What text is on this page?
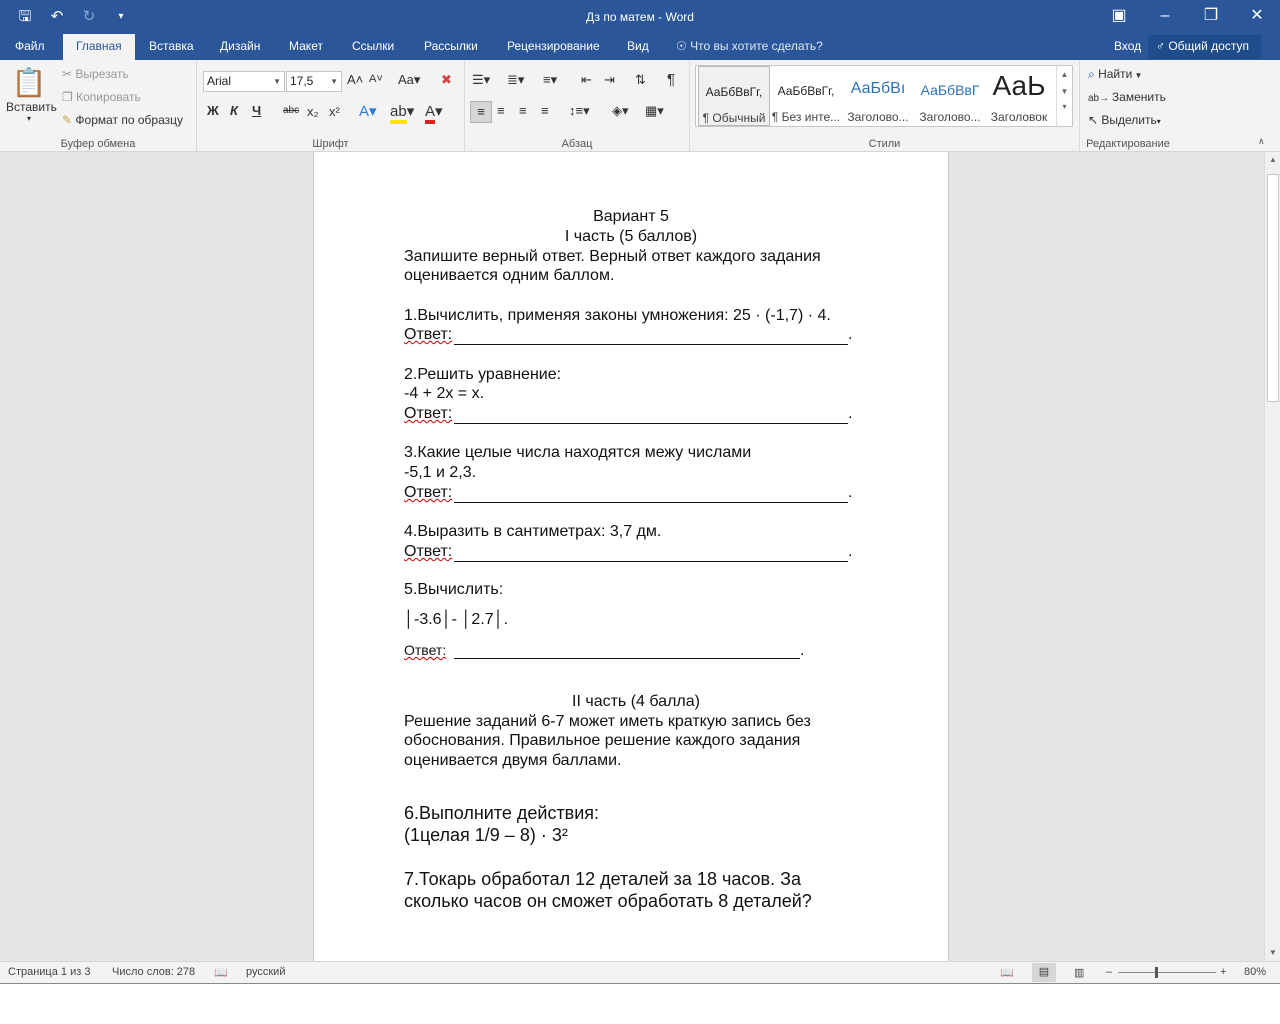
🖫	↶	↻	▾	Дз по матем - Word	▣	–	❐	✕
Файл	Главная	Вставка	Дизайн	Макет	Ссылки	Рассылки	Рецензирование	Вид	☉ Что вы хотите сделать?	Вход	♂ Общий доступ
📋
Вставить
▾
✂ Вырезать
❐ Копировать
✎ Формат по образцу
Буфер обмена
Arial	▼ 17,5 ▼ A˄ A˅ Aa▾ ✖
Ж К Ч abc x₂ x² A▾ ab▾ A▾
Шрифт
☰▾ ≣▾ ≡▾ ⇤ ⇥ ⇅ ¶
≡ ≡ ≡ ≡ ↕≡▾ ◈▾ ▦▾
Абзац	Стили
АаБбВвГг,
¶ Обычный
АаБбВвГг,
¶ Без инте...
АаБбВı
Заголово...
АаБбВвГ
Заголово...
АаЬ
Заголовок
▲
▼
▾
⌕ Найти ▼
ab→ Заменить
↖ Выделить▾
Редактирование	∧
Вариант 5
I часть (5 баллов)
Запишите верный ответ. Верный ответ каждого задания
оценивается одним баллом.
1.Вычислить, применяя законы умножения: 25 · (-1,7) · 4.
Ответ:	.
2.Решить уравнение:
-4 + 2х = х.
Ответ:	.
3.Какие целые числа находятся межу числами
-5,1 и 2,3.
Ответ:	.
4.Выразить в сантиметрах: 3,7 дм.
Ответ:	.
5.Вычислить:
│-3.6│- │2.7│.
Ответ:	.
II часть (4 балла)
Решение заданий 6-7 может иметь краткую запись без
обоснования. Правильное решение каждого задания
оценивается двумя баллами.
6.Выполните действия:
(1целая 1/9 – 8) · 3²
7.Токарь обработал 12 деталей за 18 часов. За
сколько часов он сможет обработать 8 деталей?
▲
▼
Страница 1 из 3 Число слов: 278 📖 русский	📖	▤	▥ –	+ 80%
